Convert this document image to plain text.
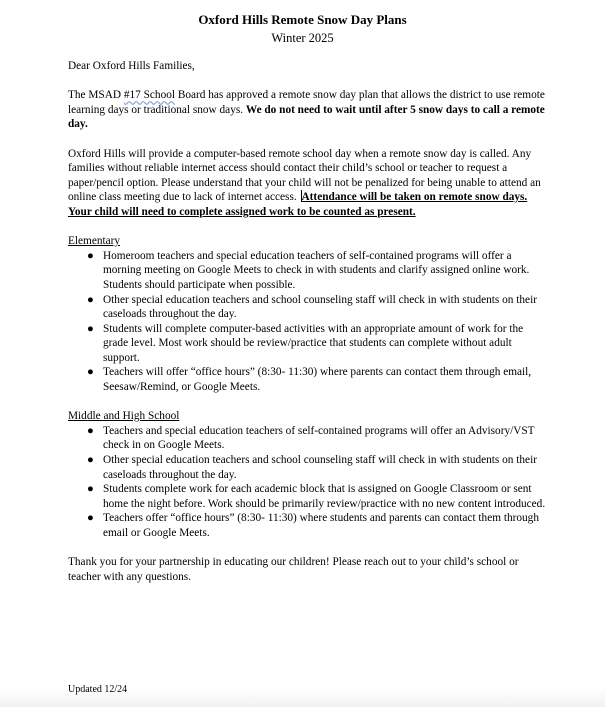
Oxford Hills Remote Snow Day Plans
Winter 2025

Dear Oxford Hills Families,

The MSAD #17 School Board has approved a remote snow day plan that allows the district to use remote learning days or traditional snow days. We do not need to wait until after 5 snow days to call a remote day.

Oxford Hills will provide a computer-based remote school day when a remote snow day is called. Any families without reliable internet access should contact their child’s school or teacher to request a paper/pencil option. Please understand that your child will not be penalized for being unable to attend an online class meeting due to lack of internet access. Attendance will be taken on remote snow days. Your child will need to complete assigned work to be counted as present.

Elementary

● Homeroom teachers and special education teachers of self-contained programs will offer a morning meeting on Google Meets to check in with students and clarify assigned online work. Students should participate when possible.
● Other special education teachers and school counseling staff will check in with students on their caseloads throughout the day.
● Students will complete computer-based activities with an appropriate amount of work for the grade level. Most work should be review/practice that students can complete without adult support.
● Teachers will offer “office hours” (8:30- 11:30) where parents can contact them through email, Seesaw/Remind, or Google Meets.

Middle and High School

● Teachers and special education teachers of self-contained programs will offer an Advisory/VST check in on Google Meets.
● Other special education teachers and school counseling staff will check in with students on their caseloads throughout the day.
● Students complete work for each academic block that is assigned on Google Classroom or sent home the night before. Work should be primarily review/practice with no new content introduced.
● Teachers offer “office hours” (8:30- 11:30) where students and parents can contact them through email or Google Meets.

Thank you for your partnership in educating our children! Please reach out to your child’s school or teacher with any questions.

Updated 12/24
